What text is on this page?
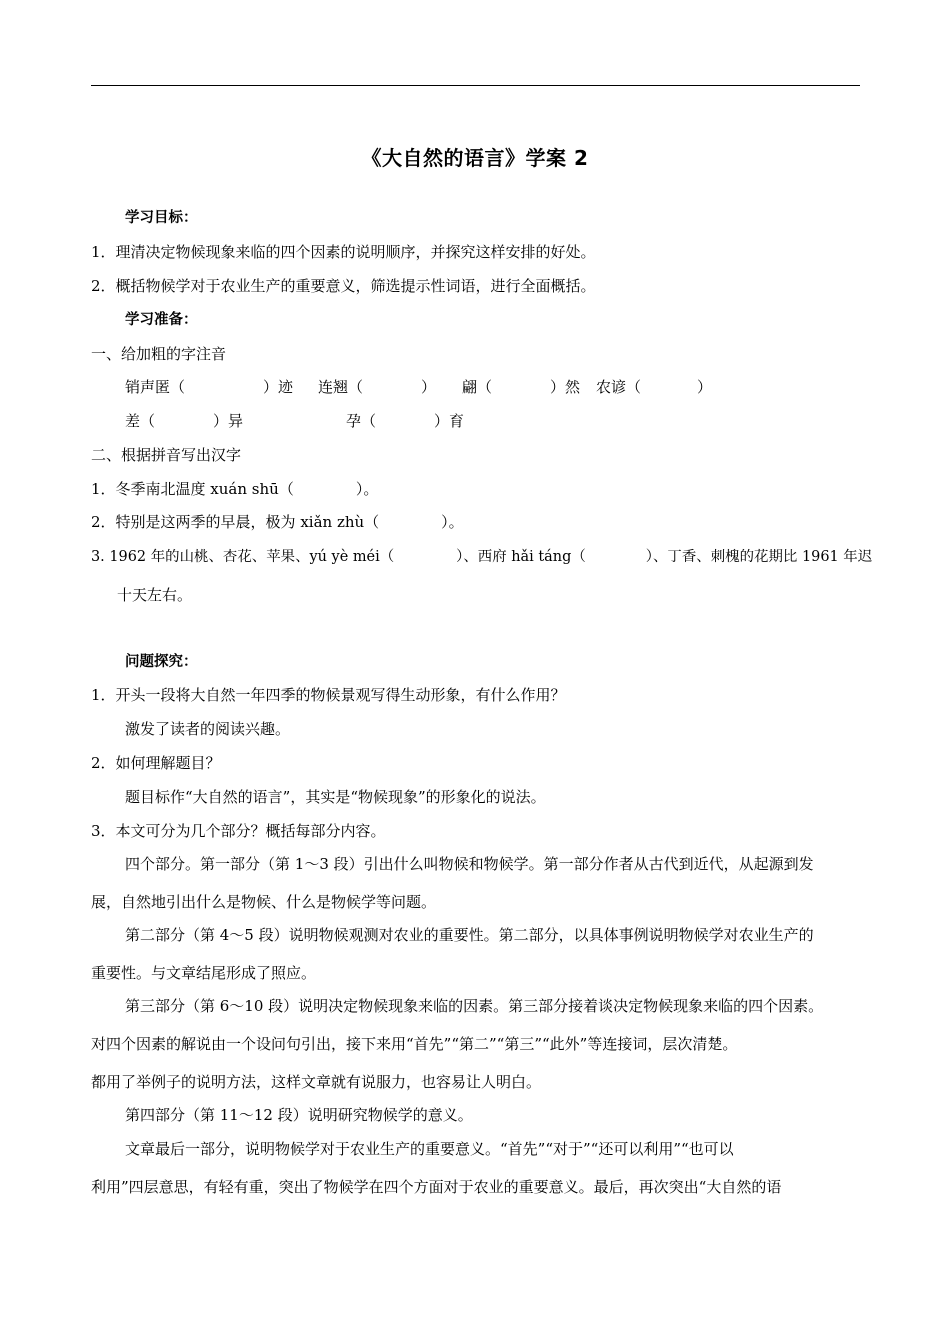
《大自然的语言》学案 2
学习目标：
1．理清决定物候现象来临的四个因素的说明顺序，并探究这样安排的好处。
2．概括物候学对于农业生产的重要意义，筛选提示性词语，进行全面概括。
学习准备：
一、给加粗的字注音
销声匿（	）迹 连翘（	） 翩（	）然 农谚（	）
差（	）异	孕（	）育
二、根据拼音写出汉字
1．冬季南北温度 xuán shū（	）。
2．特别是这两季的早晨，极为 xiǎn zhù（	）。
3. 1962 年的山桃、杏花、苹果、yú yè méi（	）、西府 hǎi táng（	）、丁香、刺槐的花期比 1961 年迟
十天左右。
问题探究：
1．开头一段将大自然一年四季的物候景观写得生动形象，有什么作用？
激发了读者的阅读兴趣。
2．如何理解题目？
题目标作“大自然的语言”，其实是“物候现象”的形象化的说法。
3．本文可分为几个部分？概括每部分内容。
四个部分。第一部分（第 1～3 段）引出什么叫物候和物候学。第一部分作者从古代到近代，从起源到发
展，自然地引出什么是物候、什么是物候学等问题。
第二部分（第 4～5 段）说明物候观测对农业的重要性。第二部分，以具体事例说明物候学对农业生产的
重要性。与文章结尾形成了照应。
第三部分（第 6～10 段）说明决定物候现象来临的因素。第三部分接着谈决定物候现象来临的四个因素。
对四个因素的解说由一个设问句引出，接下来用“首先”“第二”“第三”“此外”等连接词，层次清楚。
都用了举例子的说明方法，这样文章就有说服力，也容易让人明白。
第四部分（第 11～12 段）说明研究物候学的意义。
文章最后一部分，说明物候学对于农业生产的重要意义。“首先”“对于”“还可以利用”“也可以
利用”四层意思，有轻有重，突出了物候学在四个方面对于农业的重要意义。最后，再次突出“大自然的语
